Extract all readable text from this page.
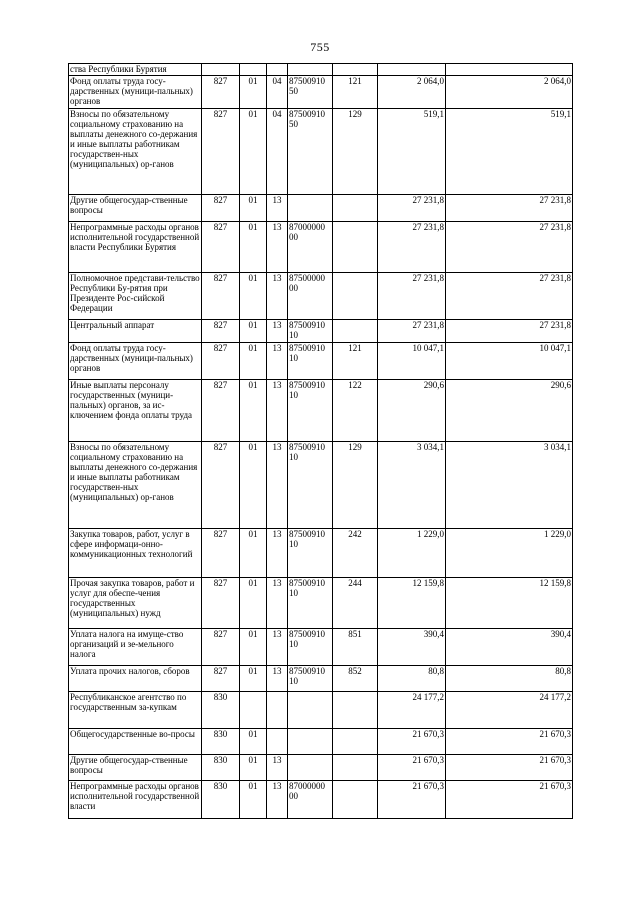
755
ства Республики Бурятия							
Фонд оплаты труда госу-дарственных (муници-пальных) органов	827	01	04	87500910 50	121	2 064,0	2 064,0
Взносы по обязательному социальному страхованию на выплаты денежного со-держания и иные выплаты работникам государствен-ных (муниципальных) ор-ганов	827	01	04	87500910 50	129	519,1	519,1
Другие общегосудар-ственные вопросы	827	01	13			27 231,8	27 231,8
Непрограммные расходы органов исполнительной государственной власти Республики Бурятия	827	01	13	87000000 00		27 231,8	27 231,8
Полномочное представи-тельство Республики Бу-рятия при Президенте Рос-сийской Федерации	827	01	13	87500000 00		27 231,8	27 231,8
Центральный аппарат	827	01	13	87500910 10		27 231,8	27 231,8
Фонд оплаты труда госу-дарственных (муници-пальных) органов	827	01	13	87500910 10	121	10 047,1	10 047,1
Иные выплаты персоналу государственных (муници-пальных) органов, за ис-ключением фонда оплаты труда	827	01	13	87500910 10	122	290,6	290,6
Взносы по обязательному социальному страхованию на выплаты денежного со-держания и иные выплаты работникам государствен-ных (муниципальных) ор-ганов	827	01	13	87500910 10	129	3 034,1	3 034,1
Закупка товаров, работ, услуг в сфере информаци-онно-коммуникационных технологий	827	01	13	87500910 10	242	1 229,0	1 229,0
Прочая закупка товаров, работ и услуг для обеспе-чения государственных (муниципальных) нужд	827	01	13	87500910 10	244	12 159,8	12 159,8
Уплата налога на имуще-ство организаций и зе-мельного налога	827	01	13	87500910 10	851	390,4	390,4
Уплата прочих налогов, сборов	827	01	13	87500910 10	852	80,8	80,8
Республиканское агентство по государственным за-купкам	830					24 177,2	24 177,2
Общегосударственные во-просы	830	01				21 670,3	21 670,3
Другие общегосудар-ственные вопросы	830	01	13			21 670,3	21 670,3
Непрограммные расходы органов исполнительной государственной власти	830	01	13	87000000 00		21 670,3	21 670,3
